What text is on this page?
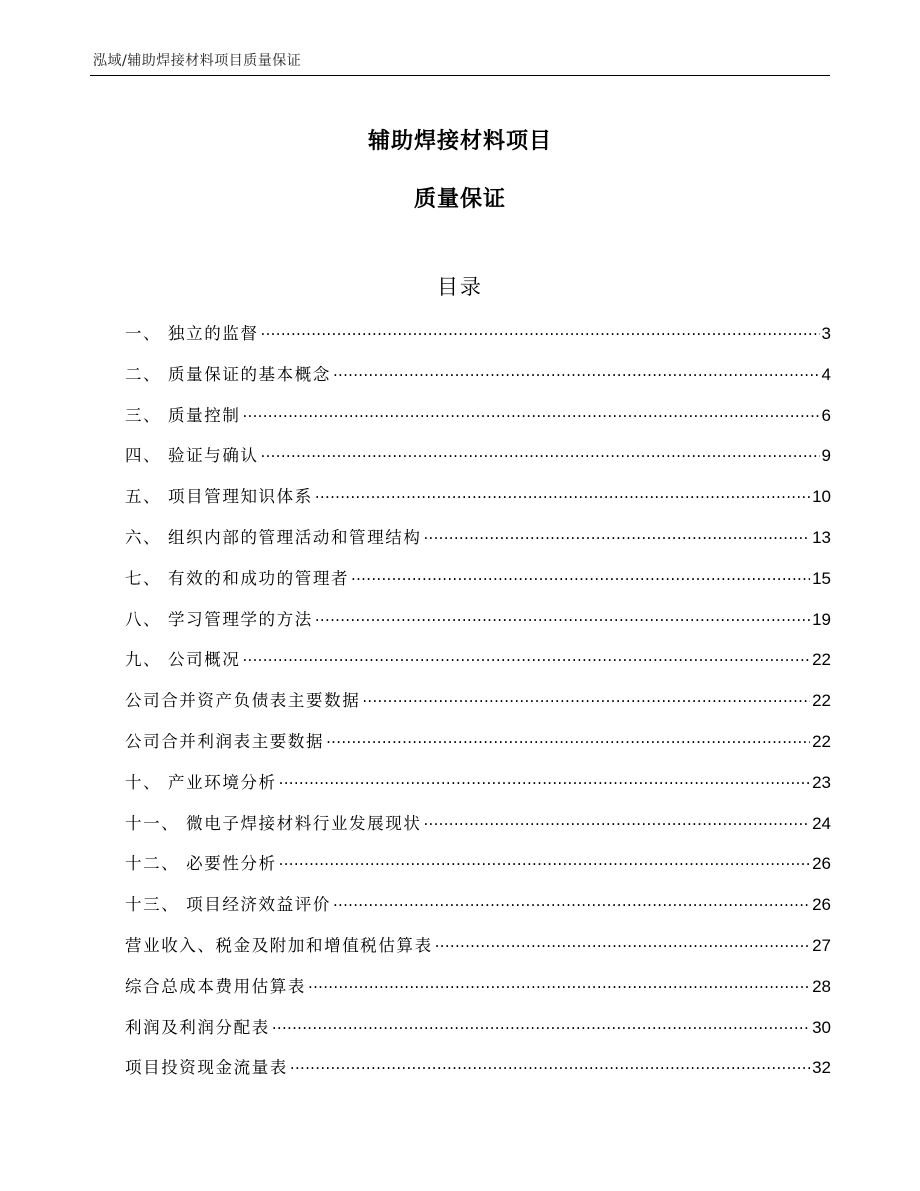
泓域/辅助焊接材料项目质量保证
辅助焊接材料项目
质量保证
目录
一、 独立的监督 .....	3
二、 质量保证的基本概念 .....	4
三、 质量控制 .....	6
四、 验证与确认 .....	9
五、 项目管理知识体系 .....	10
六、 组织内部的管理活动和管理结构 .....	13
七、 有效的和成功的管理者 .....	15
八、 学习管理学的方法 .....	19
九、 公司概况 .....	22
公司合并资产负债表主要数据 .....	22
公司合并利润表主要数据 .....	22
十、 产业环境分析 .....	23
十一、 微电子焊接材料行业发展现状 .....	24
十二、 必要性分析 .....	26
十三、 项目经济效益评价 .....	26
营业收入、税金及附加和增值税估算表 .....	27
综合总成本费用估算表 .....	28
利润及利润分配表 .....	30
项目投资现金流量表 .....	32
